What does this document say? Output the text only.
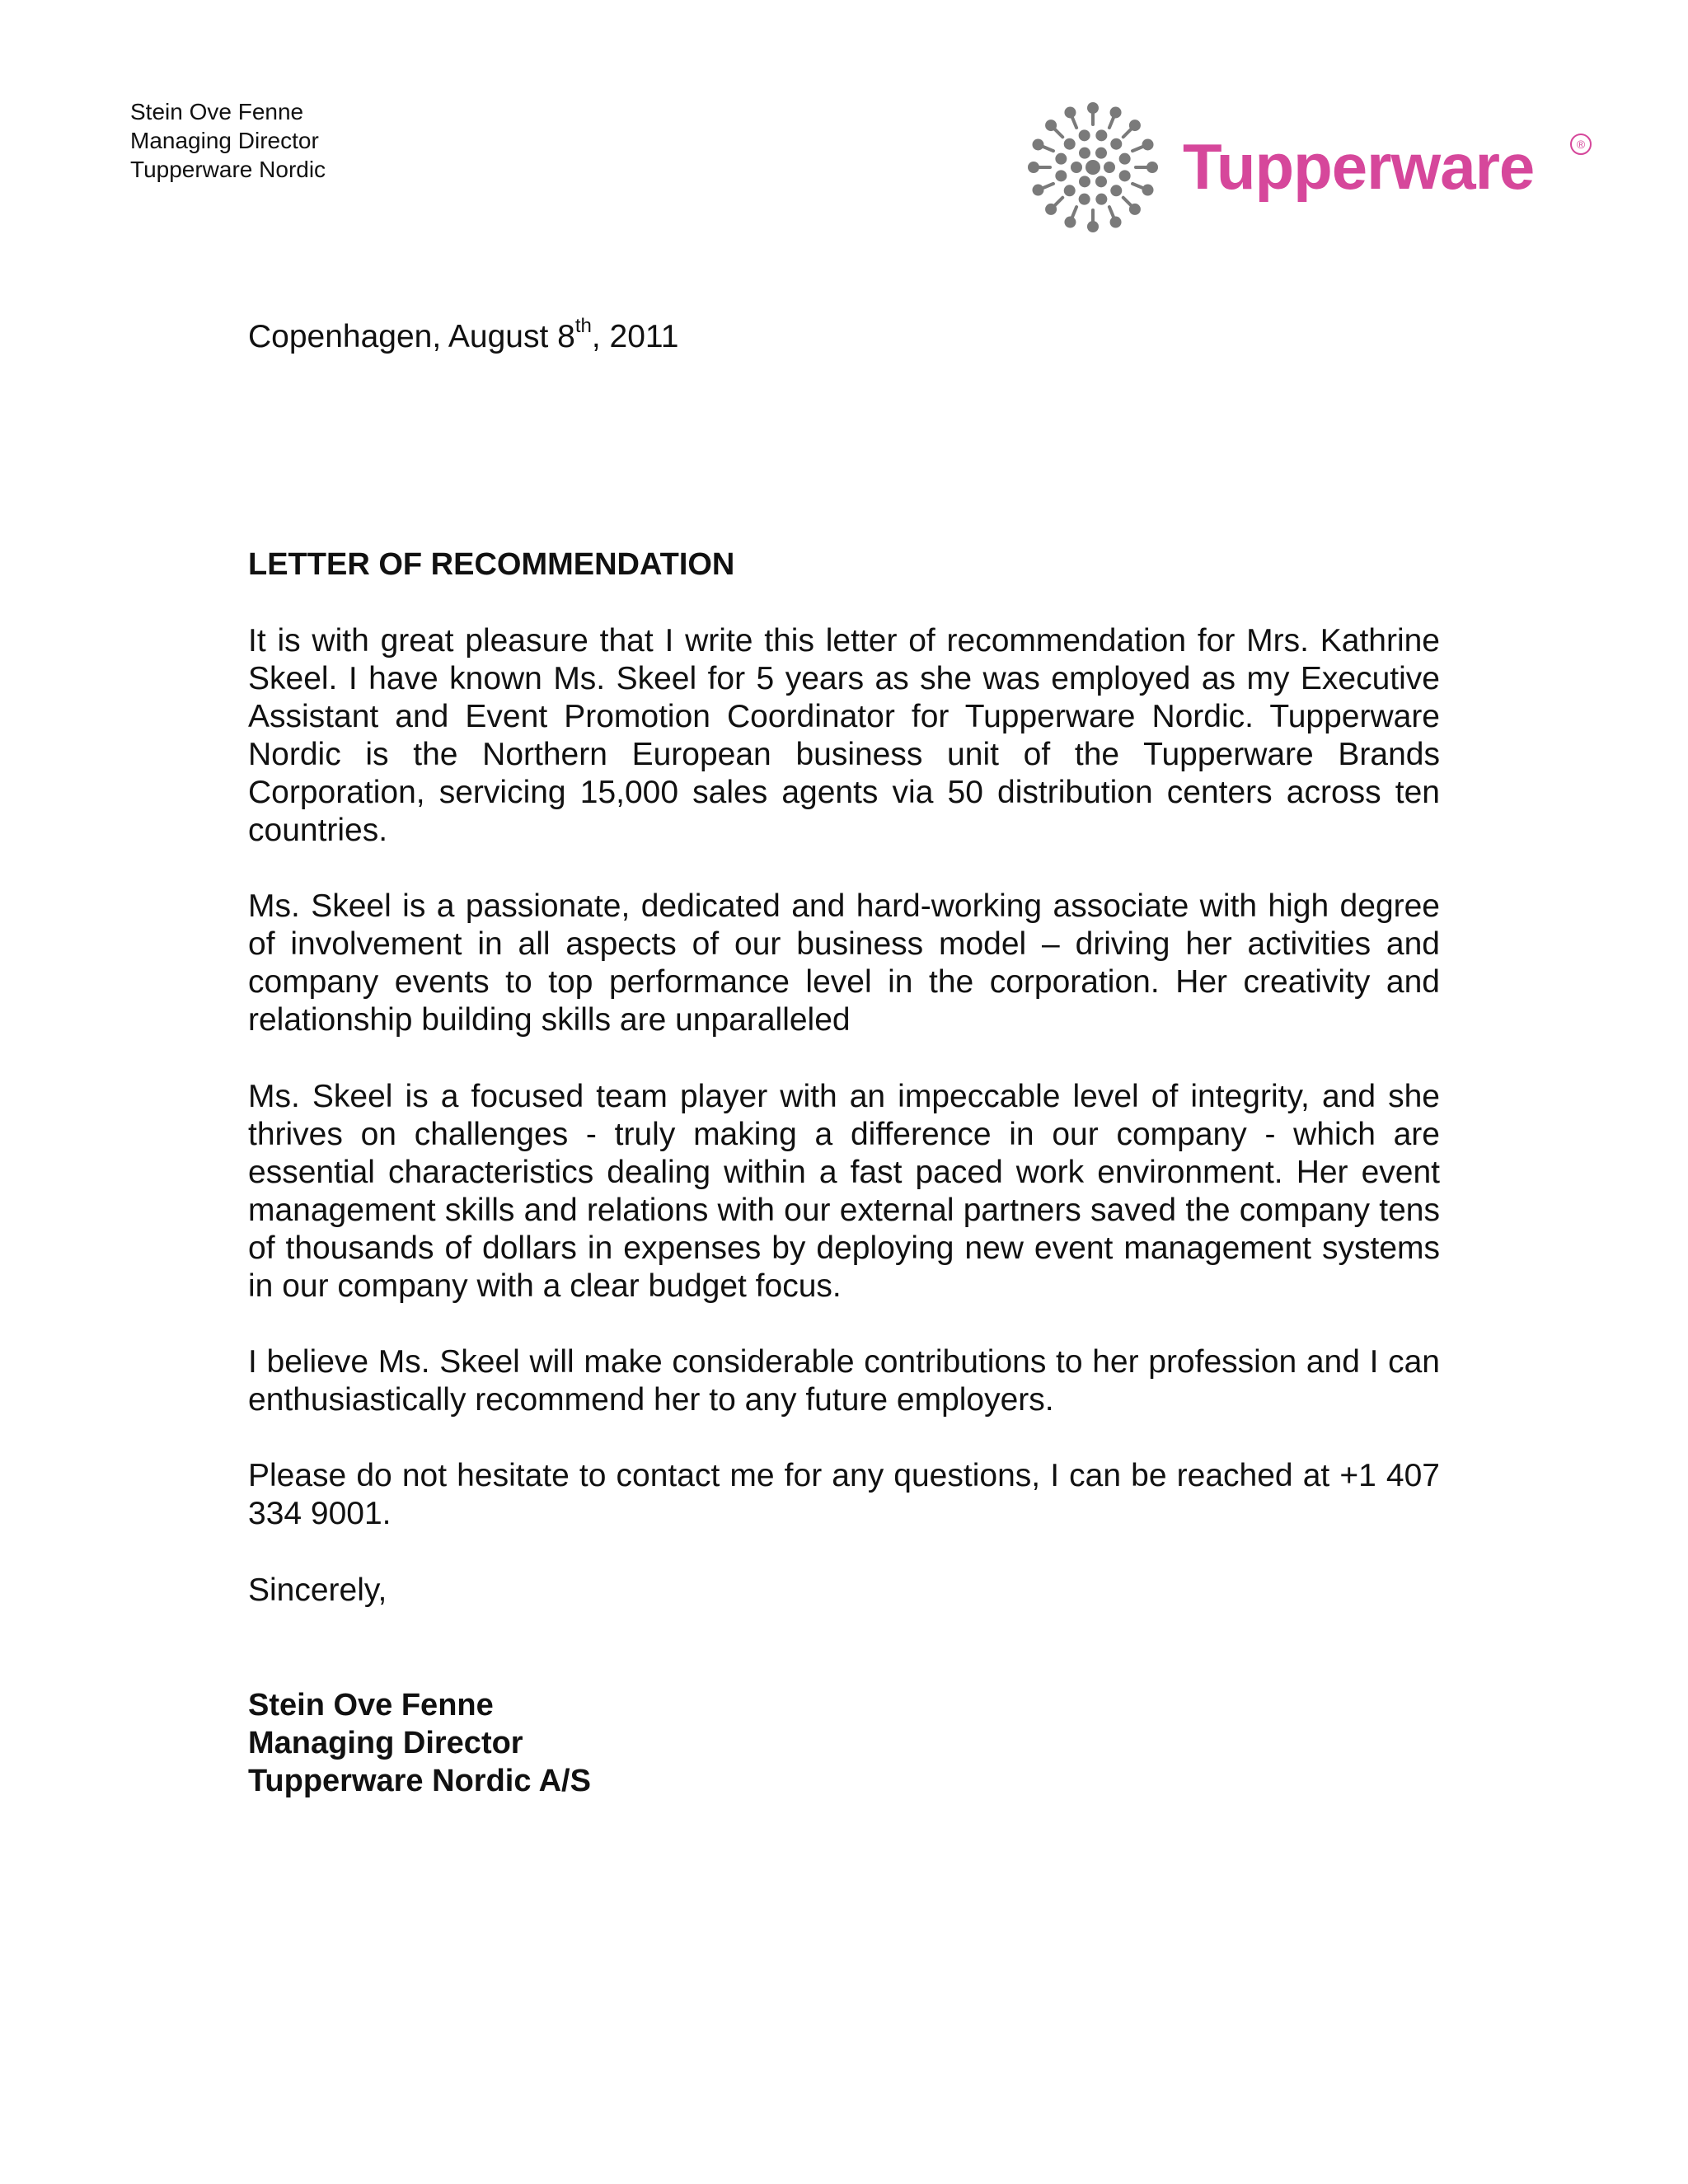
Stein Ove Fenne
Managing Director
Tupperware Nordic	Tupperware	®
Copenhagen, August 8th, 2011
LETTER OF RECOMMENDATION

It is with great pleasure that I write this letter of recommendation for Mrs. Kathrine Skeel. I have known Ms. Skeel for 5 years as she was employed as my Executive Assistant and Event Promotion Coordinator for Tupperware Nordic. Tupperware Nordic is the Northern European business unit of the Tupperware Brands Corporation, servicing 15,000 sales agents via 50 distribution centers across ten countries.

Ms. Skeel is a passionate, dedicated and hard-working associate with high degree of involvement in all aspects of our business model – driving her activities and company events to top performance level in the corporation. Her creativity and relationship building skills are unparalleled

Ms. Skeel is a focused team player with an impeccable level of integrity, and she thrives on challenges - truly making a difference in our company - which are essential characteristics dealing within a fast paced work environment. Her event management skills and relations with our external partners saved the company tens of thousands of dollars in expenses by deploying new event management systems in our company with a clear budget focus.

I believe Ms. Skeel will make considerable contributions to her profession and I can enthusiastically recommend her to any future employers.

Please do not hesitate to contact me for any questions, I can be reached at +1 407 334 9001.

Sincerely,
Stein Ove Fenne
Managing Director
Tupperware Nordic A/S
